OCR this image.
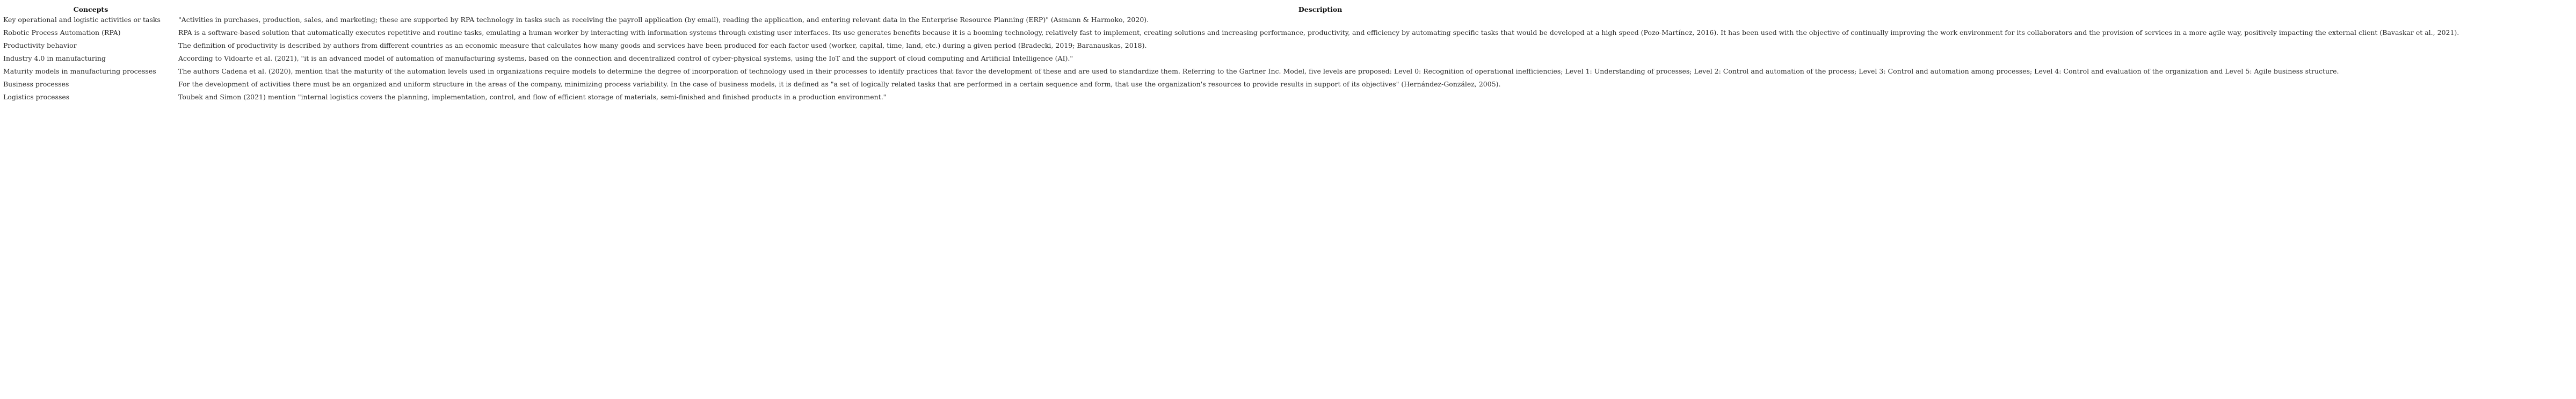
Concepts	Description
Key operational and logistic activities or tasks	"Activities in purchases, production, sales, and marketing; these are supported by RPA technology in tasks such as receiving the payroll application (by email), reading the application, and entering relevant data in the Enterprise Resource Planning (ERP)" (Asmann & Harmoko, 2020).
Robotic Process Automation (RPA)	RPA is a software-based solution that automatically executes repetitive and routine tasks, emulating a human worker by interacting with information systems through existing user interfaces. Its use generates benefits because it is a booming technology, relatively fast to implement, creating solutions and increasing performance, productivity, and efficiency by automating specific tasks that would be developed at a high speed (Pozo-Martínez, 2016). It has been used with the objective of continually improving the work environment for its collaborators and the provision of services in a more agile way, positively impacting the external client (Bavaskar et al., 2021).
Productivity behavior	The definition of productivity is described by authors from different countries as an economic measure that calculates how many goods and services have been produced for each factor used (worker, capital, time, land, etc.) during a given period (Bradecki, 2019; Baranauskas, 2018).
Industry 4.0 in manufacturing	According to Vidoarte et al. (2021), "it is an advanced model of automation of manufacturing systems, based on the connection and decentralized control of cyber-physical systems, using the IoT and the support of cloud computing and Artificial Intelligence (AI)."
Maturity models in manufacturing processes	The authors Cadena et al. (2020), mention that the maturity of the automation levels used in organizations require models to determine the degree of incorporation of technology used in their processes to identify practices that favor the development of these and are used to standardize them. Referring to the Gartner Inc. Model, five levels are proposed: Level 0: Recognition of operational inefficiencies; Level 1: Understanding of processes; Level 2: Control and automation of the process; Level 3: Control and automation among processes; Level 4: Control and evaluation of the organization and Level 5: Agile business structure.
Business processes	For the development of activities there must be an organized and uniform structure in the areas of the company, minimizing process variability. In the case of business models, it is defined as "a set of logically related tasks that are performed in a certain sequence and form, that use the organization's resources to provide results in support of its objectives" (Hernández-González, 2005).
Logistics processes	Toubek and Simon (2021) mention "internal logistics covers the planning, implementation, control, and flow of efficient storage of materials, semi-finished and finished products in a production environment."
